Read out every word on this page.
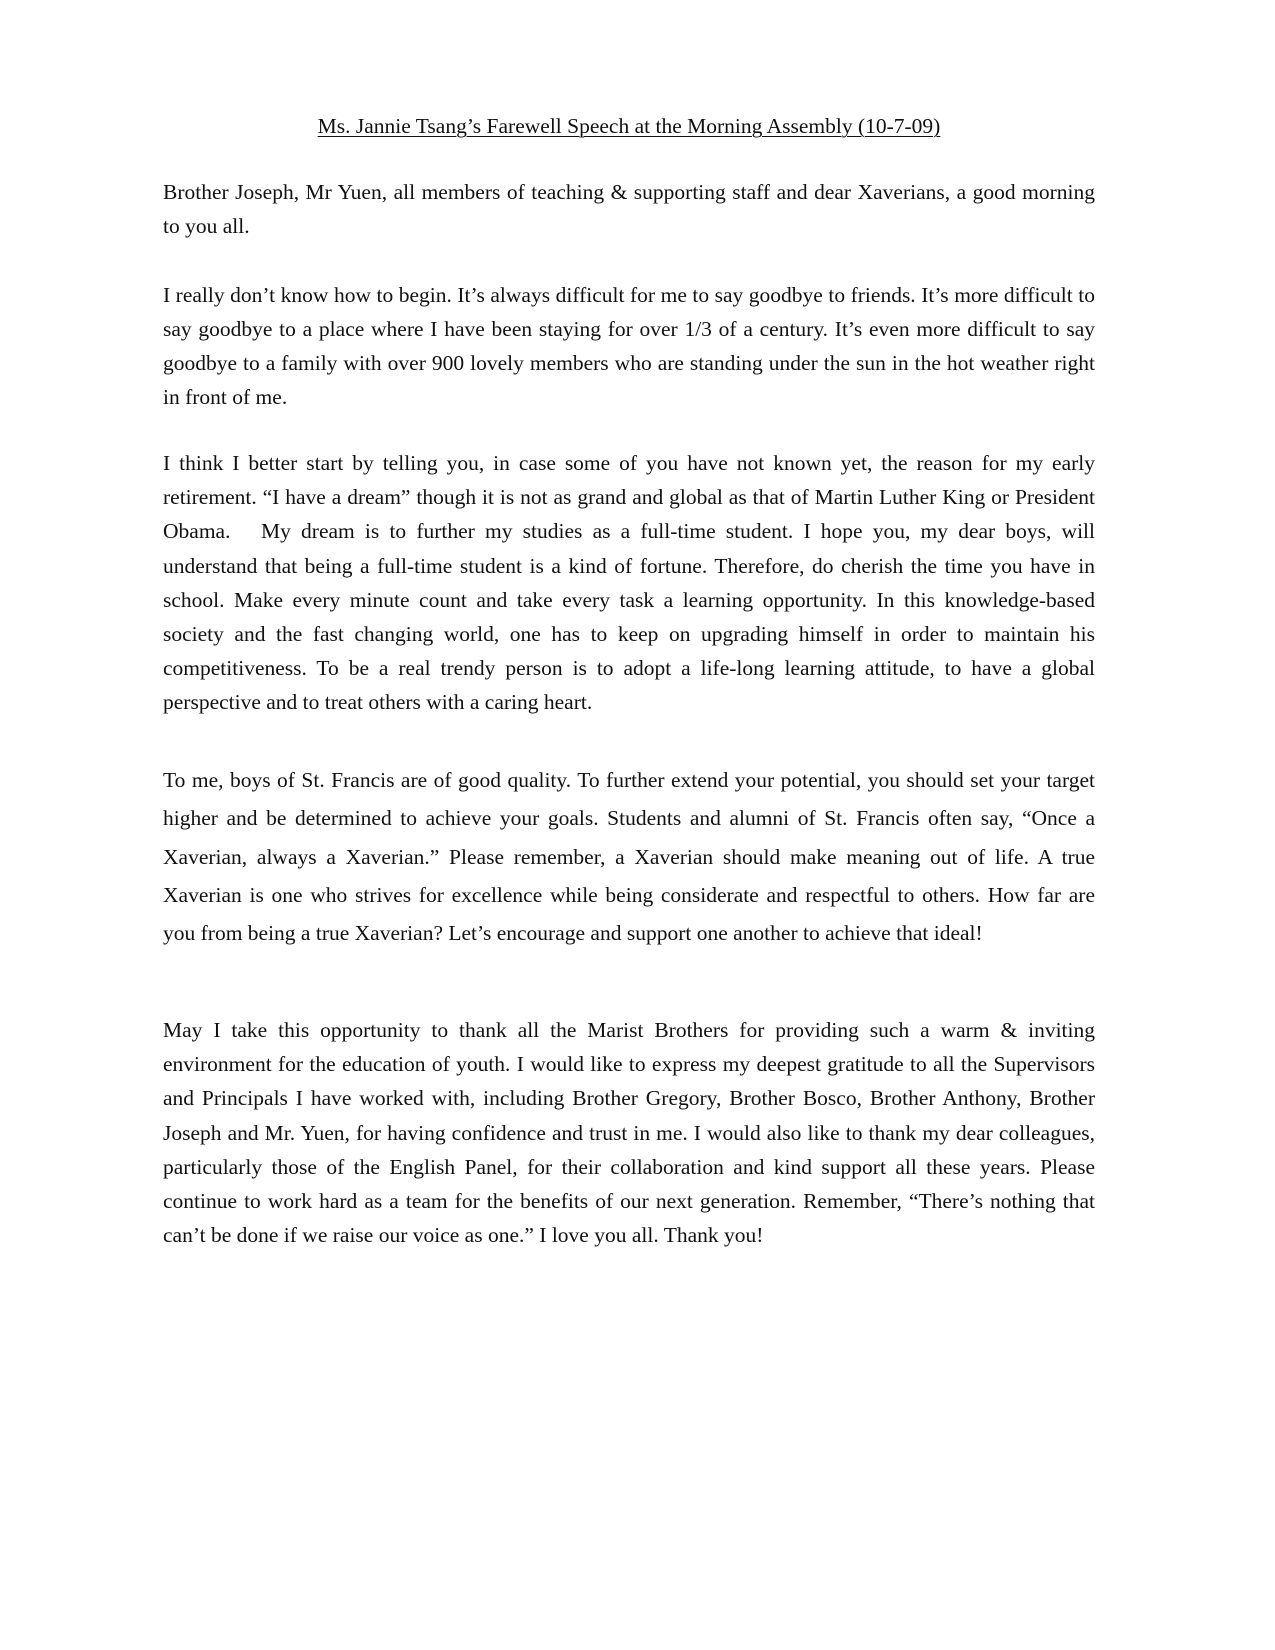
Ms. Jannie Tsang’s Farewell Speech at the Morning Assembly (10-7-09)

Brother Joseph, Mr Yuen, all members of teaching & supporting staff and dear Xaverians, a good morning to you all.

I really don’t know how to begin. It’s always difficult for me to say goodbye to friends. It’s more difficult to say goodbye to a place where I have been staying for over 1/3 of a century. It’s even more difficult to say goodbye to a family with over 900 lovely members who are standing under the sun in the hot weather right in front of me.

I think I better start by telling you, in case some of you have not known yet, the reason for my early retirement. “I have a dream” though it is not as grand and global as that of Martin Luther King or President Obama.   My dream is to further my studies as a full-time student. I hope you, my dear boys, will understand that being a full-time student is a kind of fortune. Therefore, do cherish the time you have in school. Make every minute count and take every task a learning opportunity. In this knowledge-based society and the fast changing world, one has to keep on upgrading himself in order to maintain his competitiveness. To be a real trendy person is to adopt a life-long learning attitude, to have a global perspective and to treat others with a caring heart.

To me, boys of St. Francis are of good quality. To further extend your potential, you should set your target higher and be determined to achieve your goals. Students and alumni of St. Francis often say, “Once a Xaverian, always a Xaverian.” Please remember, a Xaverian should make meaning out of life. A true Xaverian is one who strives for excellence while being considerate and respectful to others. How far are you from being a true Xaverian? Let’s encourage and support one another to achieve that ideal!

May I take this opportunity to thank all the Marist Brothers for providing such a warm & inviting environment for the education of youth. I would like to express my deepest gratitude to all the Supervisors and Principals I have worked with, including Brother Gregory, Brother Bosco, Brother Anthony, Brother Joseph and Mr. Yuen, for having confidence and trust in me. I would also like to thank my dear colleagues, particularly those of the English Panel, for their collaboration and kind support all these years. Please continue to work hard as a team for the benefits of our next generation. Remember, “There’s nothing that can’t be done if we raise our voice as one.” I love you all. Thank you!
